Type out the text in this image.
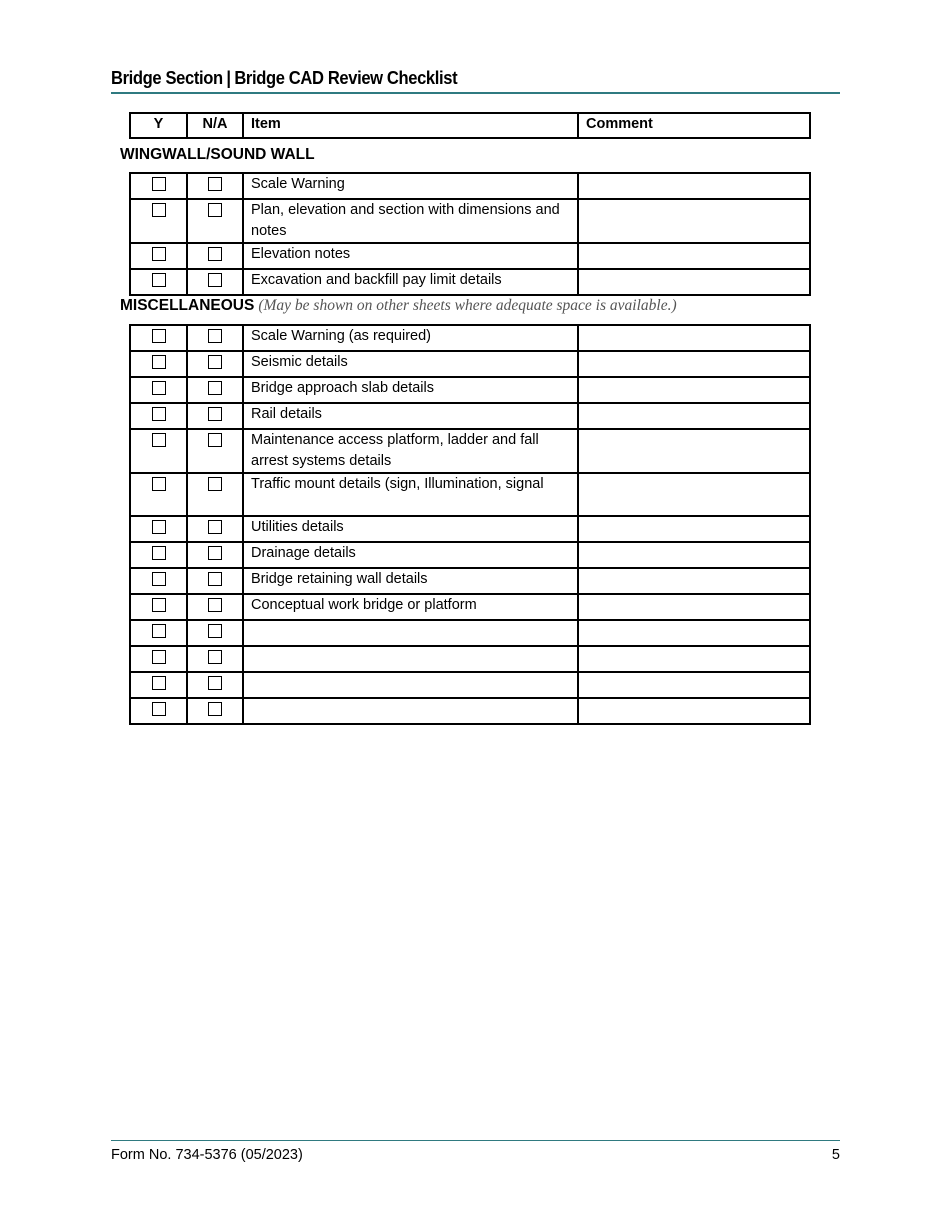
Bridge Section | Bridge CAD Review Checklist
Y	N/A	Item	Comment
WINGWALL/SOUND WALL
		Scale Warning	
		Plan, elevation and section with dimensions and notes	
		Elevation notes	
		Excavation and backfill pay limit details	
MISCELLANEOUS (May be shown on other sheets where adequate space is available.)
		Scale Warning (as required)	
		Seismic details	
		Bridge approach slab details	
		Rail details	
		Maintenance access platform, ladder and fall arrest systems details	
		Traffic mount details (sign, Illumination, signal	
		Utilities details	
		Drainage details	
		Bridge retaining wall details	
		Conceptual work bridge or platform	

Form No. 734-5376 (05/2023)	5
